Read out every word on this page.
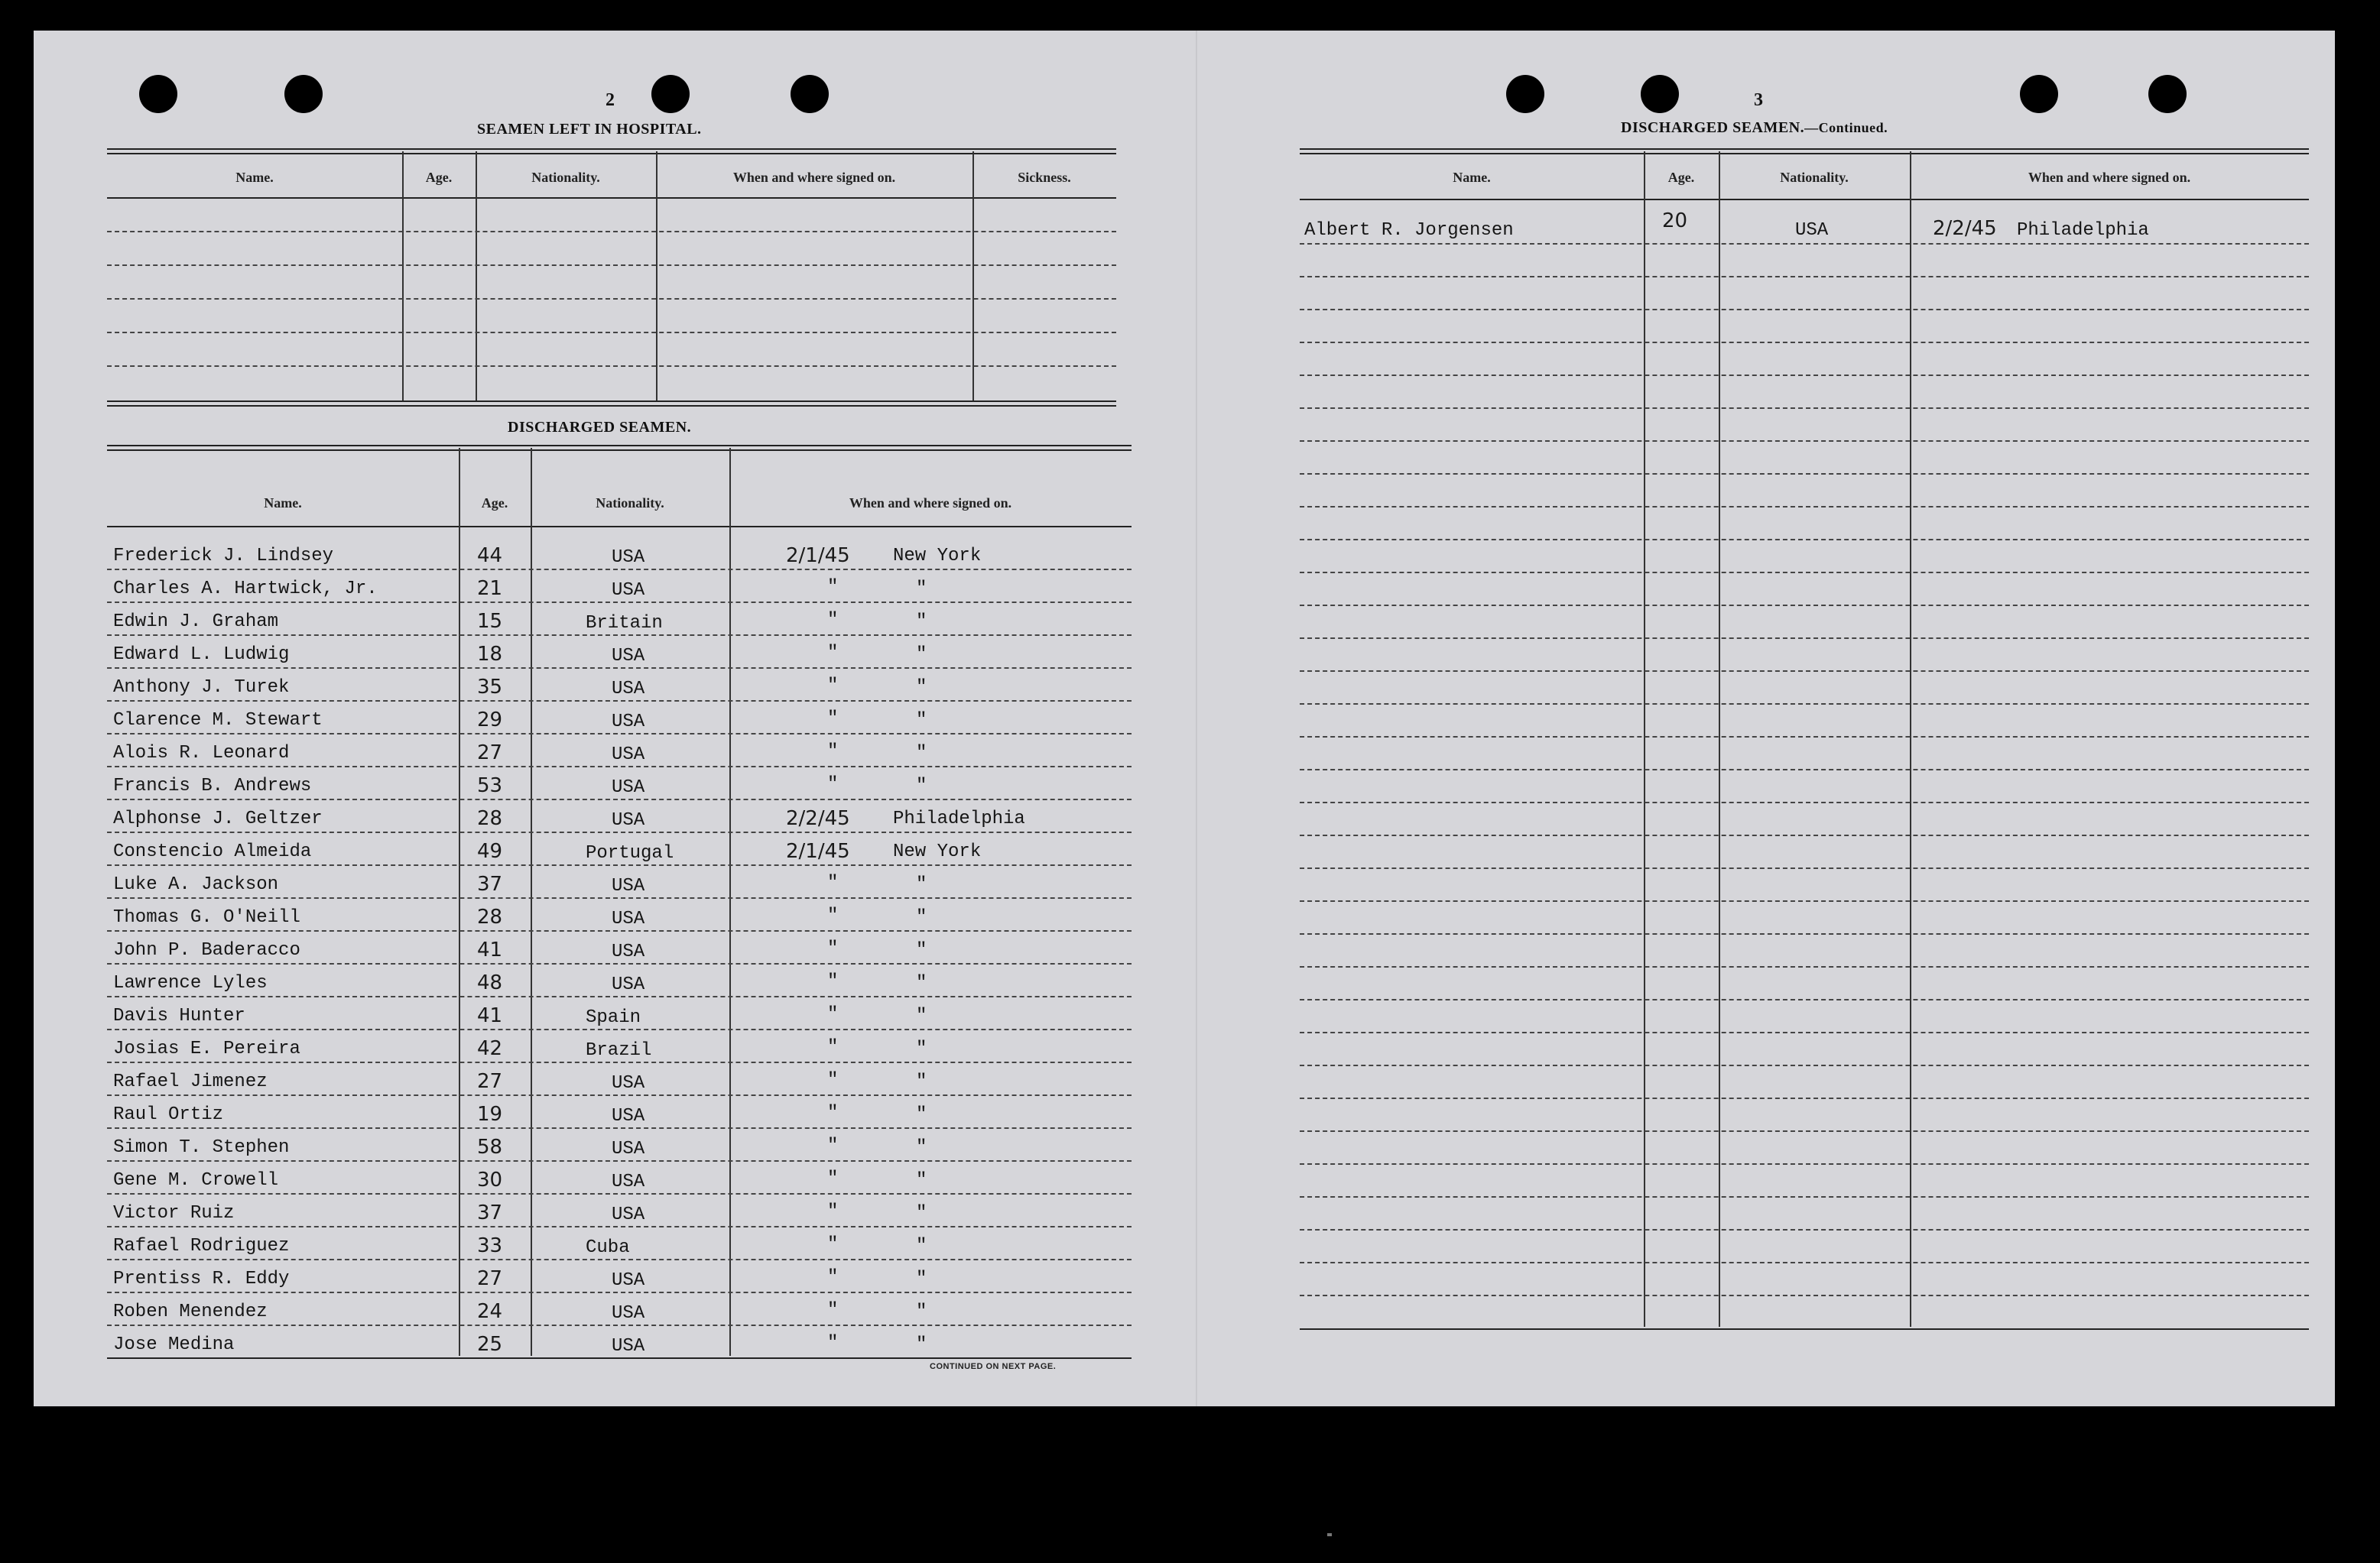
2
SEAMEN LEFT IN HOSPITAL.
Name.	Age.	Nationality.	When and where signed on.	Sickness.
DISCHARGED SEAMEN.
Name.	Age.	Nationality.	When and where signed on.
Frederick J. Lindsey	44	USA	2/1/45 New York
Charles A. Hartwick, Jr.	21	USA	"	"
Edwin J. Graham	15	Britain	"	"
Edward L. Ludwig	18	USA	"	"
Anthony J. Turek	35	USA	"	"
Clarence M. Stewart	29	USA	"	"
Alois R. Leonard	27	USA	"	"
Francis B. Andrews	53	USA	"	"
Alphonse J. Geltzer	28	USA	2/2/45 Philadelphia
Constencio Almeida	49	Portugal	2/1/45 New York
Luke A. Jackson	37	USA	"	"
Thomas G. O'Neill	28	USA	"	"
John P. Baderacco	41	USA	"	"
Lawrence Lyles	48	USA	"	"
Davis Hunter	41	Spain	"	"
Josias E. Pereira	42	Brazil	"	"
Rafael Jimenez	27	USA	"	"
Raul Ortiz	19	USA	"	"
Simon T. Stephen	58	USA	"	"
Gene M. Crowell	30	USA	"	"
Victor Ruiz	37	USA	"	"
Rafael Rodriguez	33	Cuba	"	"
Prentiss R. Eddy	27	USA	"	"
Roben Menendez	24	USA	"	"
Jose Medina	25	USA	"	"
CONTINUED ON NEXT PAGE.
3
DISCHARGED SEAMEN.—Continued.
Name.	Age.	Nationality.	When and where signed on.
Albert R. Jorgensen	20	USA	2/2/45 Philadelphia
